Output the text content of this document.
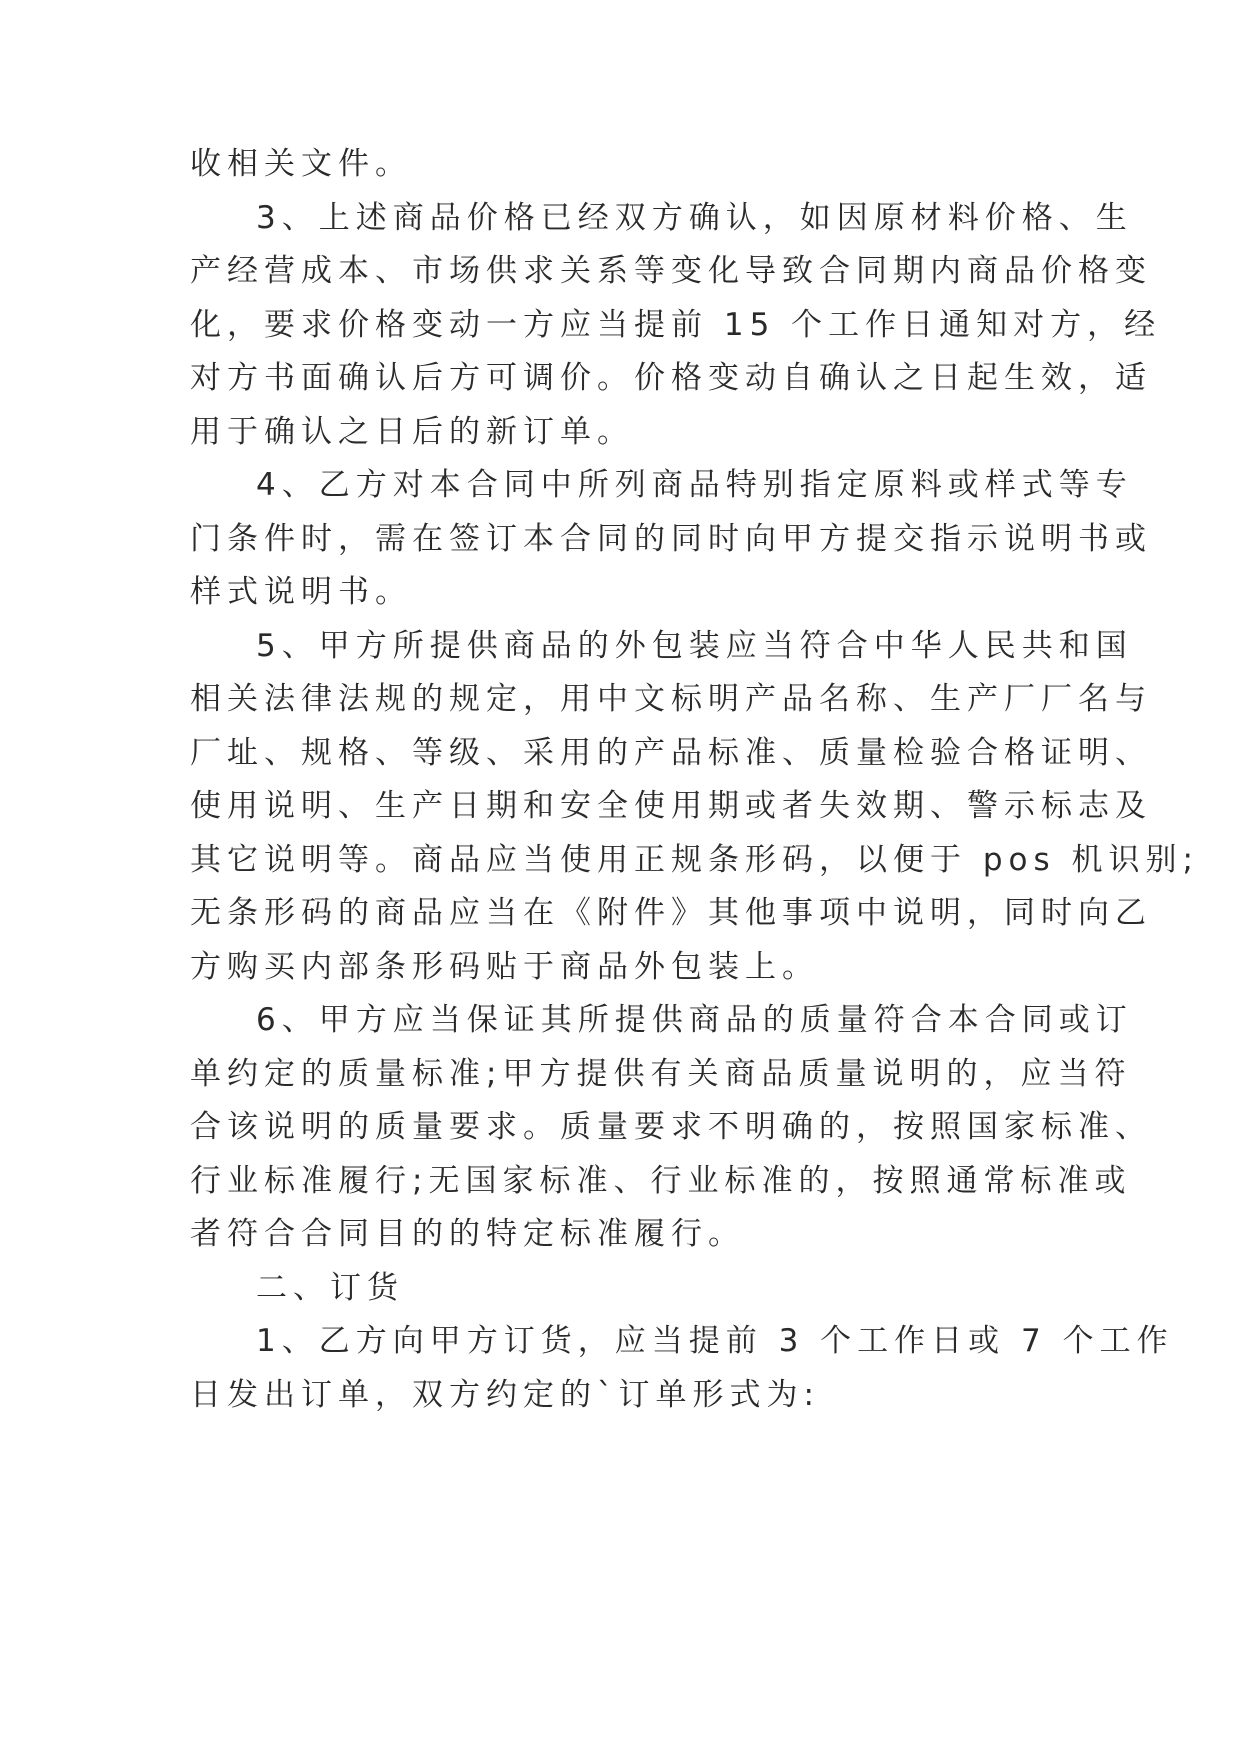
收相关文件。
3、上述商品价格已经双方确认，如因原材料价格、生
产经营成本、市场供求关系等变化导致合同期内商品价格变
化，要求价格变动一方应当提前 15 个工作日通知对方，经
对方书面确认后方可调价。价格变动自确认之日起生效，适
用于确认之日后的新订单。
4、乙方对本合同中所列商品特别指定原料或样式等专
门条件时，需在签订本合同的同时向甲方提交指示说明书或
样式说明书。
5、甲方所提供商品的外包装应当符合中华人民共和国
相关法律法规的规定，用中文标明产品名称、生产厂厂名与
厂址、规格、等级、采用的产品标准、质量检验合格证明、
使用说明、生产日期和安全使用期或者失效期、警示标志及
其它说明等。商品应当使用正规条形码，以便于 pos 机识别;
无条形码的商品应当在《附件》其他事项中说明，同时向乙
方购买内部条形码贴于商品外包装上。
6、甲方应当保证其所提供商品的质量符合本合同或订
单约定的质量标准;甲方提供有关商品质量说明的，应当符
合该说明的质量要求。质量要求不明确的，按照国家标准、
行业标准履行;无国家标准、行业标准的，按照通常标准或
者符合合同目的的特定标准履行。
二、订货
1、乙方向甲方订货，应当提前 3 个工作日或 7 个工作
日发出订单，双方约定的`订单形式为:
